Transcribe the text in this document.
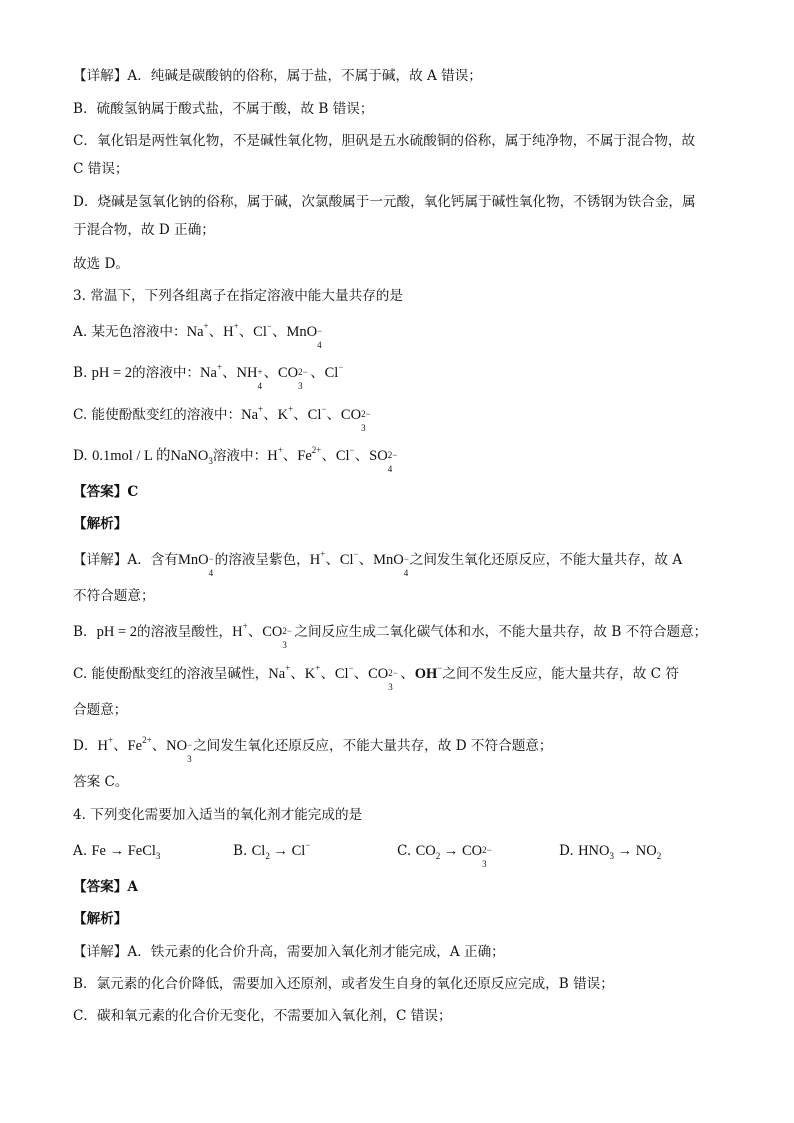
【详解】A．纯碱是碳酸钠的俗称，属于盐，不属于碱，故 A 错误；
B．硫酸氢钠属于酸式盐，不属于酸，故 B 错误；
C．氧化铝是两性氧化物，不是碱性氧化物，胆矾是五水硫酸铜的俗称，属于纯净物，不属于混合物，故
C 错误；
D．烧碱是氢氧化钠的俗称，属于碱，次氯酸属于一元酸，氧化钙属于碱性氧化物，不锈钢为铁合金，属
于混合物，故 D 正确；
故选 D。
3. 常温下，下列各组离子在指定溶液中能大量共存的是
A. 某无色溶液中：Na+、H+、Cl−、MnO −
4
B. pH = 2的溶液中：Na+、NH +
4
、CO 2−
3
、Cl−
C. 能使酚酞变红的溶液中：Na+、K+、Cl−、CO 2−
3
D. 0.1mol / L 的NaNO$_3$溶液中：H+、$Fe^{2+}$、Cl−、SO 2−
4
【答案】C
【解析】
【详解】A．含有MnO −
4
的溶液呈紫色，H+、Cl−、MnO −
4
之间发生氧化还原反应，不能大量共存，故 A
不符合题意；
B．pH = 2的溶液呈酸性，H+、CO 2−
3
之间反应生成二氧化碳气体和水，不能大量共存，故 B 不符合题意；
C. 能使酚酞变红的溶液呈碱性，Na+、K+、Cl−、CO 2−
3
、OH−之间不发生反应，能大量共存，故 C 符
合题意；
D．H+、$Fe^{2+}$、NO −
3
之间发生氧化还原反应，不能大量共存，故 D 不符合题意；
答案 C。
4. 下列变化需要加入适当的氧化剂才能完成的是
A. Fe → FeCl$_3$	B. $Cl_2 \to Cl^-$	C. $CO_2$ → CO 2−
3
D. $HNO_3 \to NO_2$
【答案】A
【解析】
【详解】A．铁元素的化合价升高，需要加入氧化剂才能完成，A 正确；
B．氯元素的化合价降低，需要加入还原剂，或者发生自身的氧化还原反应完成，B 错误；
C．碳和氧元素的化合价无变化，不需要加入氧化剂，C 错误；
